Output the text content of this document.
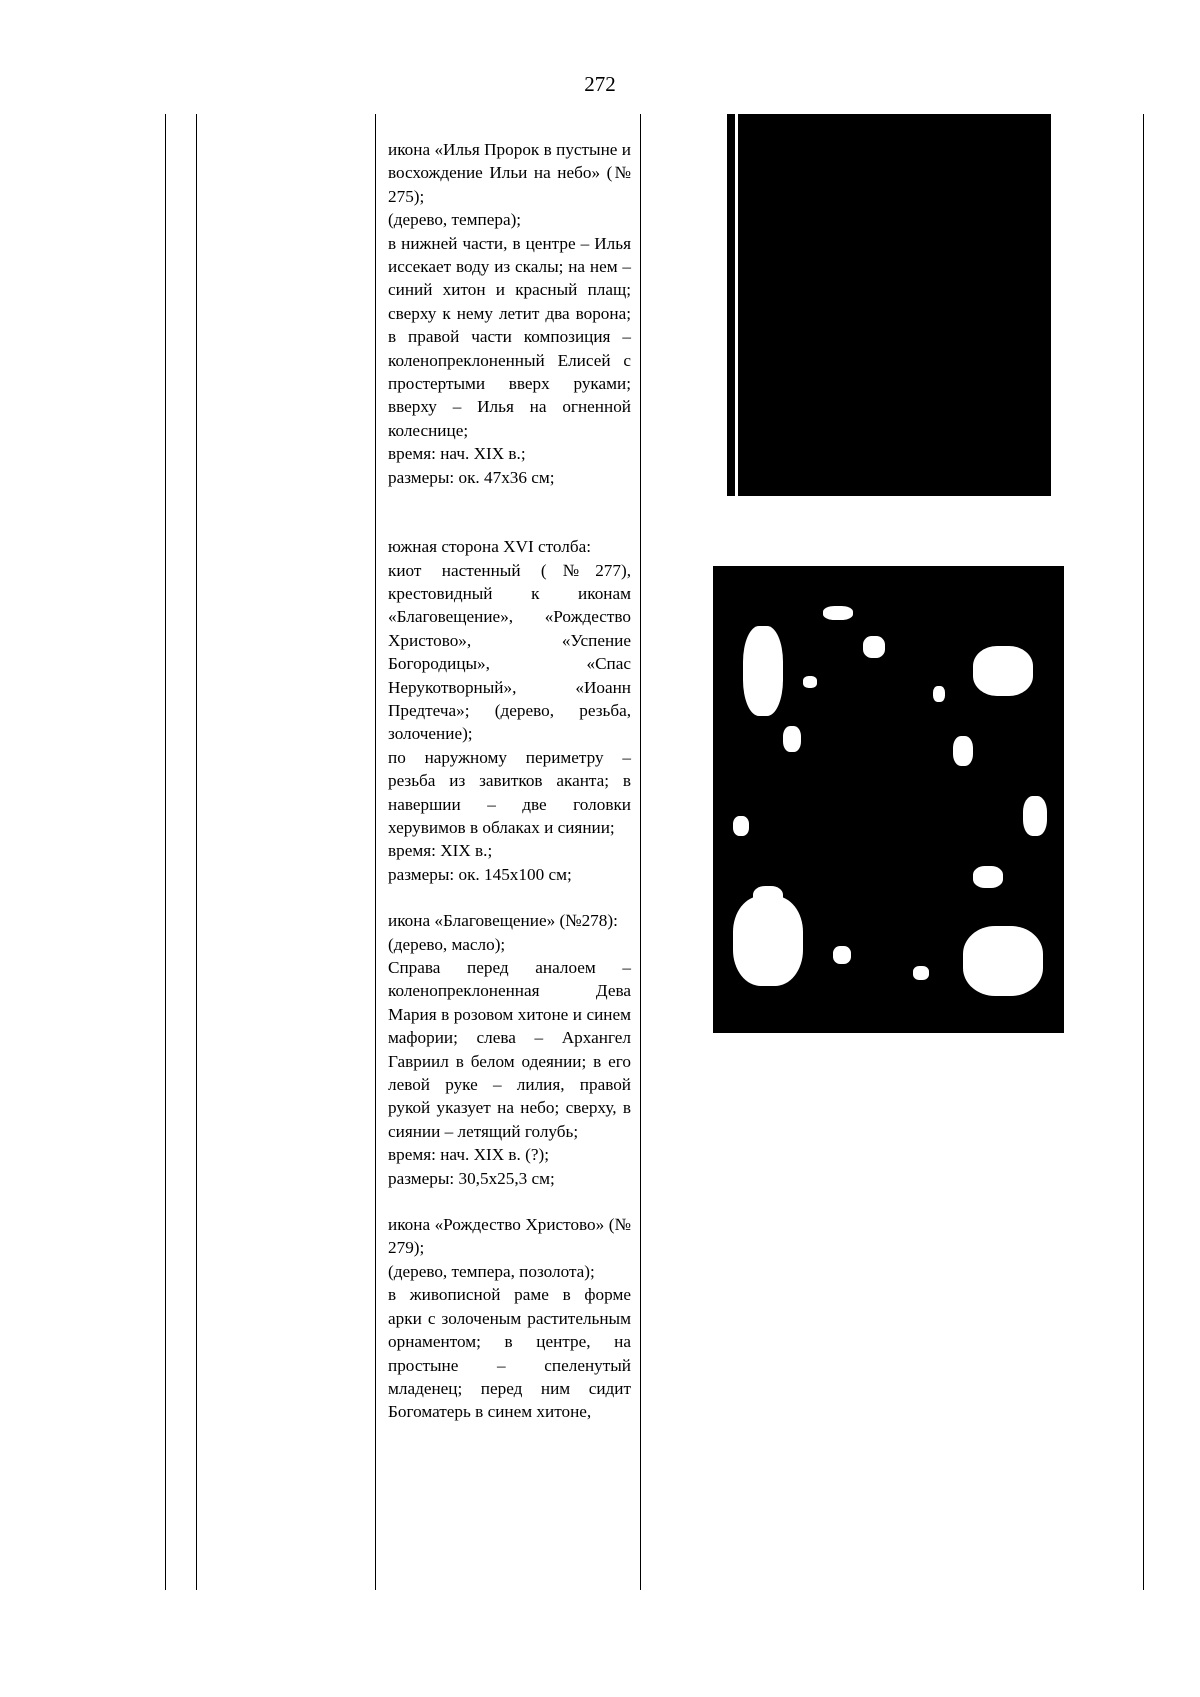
272

икона «Илья Пророк в пустыне и восхождение Ильи на небо» (№ 275);

(дерево, темпера);

в нижней части, в центре – Илья иссекает воду из скалы; на нем – синий хитон и красный плащ; сверху к нему летит два ворона; в правой части композиция – коленопреклоненный Елисей с простертыми вверх руками; вверху – Илья на огненной колеснице;

время: нач. XIX в.;

размеры: ок. 47х36 см;

южная сторона XVI столба:

киот настенный (№277), крестовидный к иконам «Благовещение», «Рождество Христово», «Успение Богородицы», «Спас Нерукотворный», «Иоанн Предтеча»; (дерево, резьба, золочение);

по наружному периметру – резьба из завитков аканта; в навершии – две головки херувимов в облаках и сиянии;

время: XIX в.;

размеры: ок. 145х100 см;

икона «Благовещение» (№278):

(дерево, масло);

Справа перед аналоем – коленопреклоненная Дева Мария в розовом хитоне и синем мафории; слева – Архангел Гавриил в белом одеянии; в его левой руке – лилия, правой рукой указует на небо; сверху, в сиянии – летящий голубь;

время: нач. XIX в. (?);

размеры: 30,5х25,3 см;

икона «Рождество Христово» (№ 279);

(дерево, темпера, позолота);

в живописной раме в форме арки с золоченым растительным орнаментом; в центре, на простыне – спеленутый младенец; перед ним сидит Богоматерь в синем хитоне,
